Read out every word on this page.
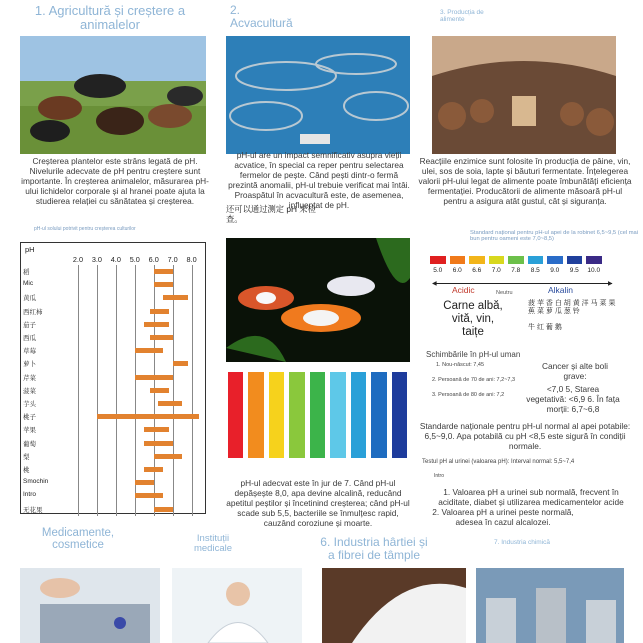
1. Agricultură și creștere a animalelor
2. Acvacultură
3. Producția de alimente
Creșterea plantelor este strâns legată de pH. Nivelurile adecvate de pH pentru creștere sunt importante. În creșterea animalelor, măsurarea pH-ului lichidelor corporale și al hranei poate ajuta la studierea relației cu sănătatea și creșterea.
pH-ul solului potrivit pentru creșterea culturilor
pH-ul are un impact semnificativ asupra vieții acvatice, în special ca reper pentru selectarea fermelor de pește. Când pești dintr-o fermă prezintă anomalii, pH-ul trebuie verificat mai întâi. Proaspătul în acvacultură este, de asemenea, influențat de pH.
还可以通过测定 pH 来检查。
Reacțiile enzimice sunt folosite în producția de pâine, vin, ulei, sos de soia, lapte și băuturi fermentate. Înțelegerea valorii pH-ului legat de alimente poate îmbunătăți eficiența fermentației. Producătorii de alimente măsoară pH-ul pentru a asigura atât gustul, cât și siguranța.
pH
2.0 3.0 4.0 5.0 6.0 7.0 8.0
稻
Mic
黄瓜
西红柿
茄子
西瓜
草莓
萝卜
芹菜
菠菜
芋头
桃子
苹果
葡萄
梨
桃
Smochin
Intro
无花果
pH-ul adecvat este în jur de 7. Când pH-ul depășește 8,0, apa devine alcalină, reducând apetitul peștilor și încetinind creșterea; când pH-ul scade sub 5,5, bacteriile se înmulțesc rapid, cauzând coroziune și moarte.
Standard național pentru pH-ul apei de la robinet 6,5~9,5 (cel mai bun pentru oameni este 7,0~8,5)
5.0 6.0 6.6 7.0 7.8 8.5 9.0 9.5 10.0
◀	▶
Acidic	Neutru	Alkalin
Carne albă, vită, vin, taițe
菠 苹 香 白 胡 黄 洋 马 菜 果 蕉 菜 萝 瓜 葱 铃
牛 红 葡 鹅
Schimbările în pH-ul uman
1. Nou-născut: 7,45
2. Persoană de 70 de ani: 7,2~7,3
3. Persoană de 80 de ani: 7,2
Cancer și alte boli grave:
<7,0 5, Starea vegetativă: <6,9 6. În fața morții: 6,7~6,8
Standarde naționale pentru pH-ul normal al apei potabile: 6,5~9,0. Apa potabilă cu pH <8,5 este sigură în condiții normale.
Testul pH al urinei (valoarea pH): Interval normal: 5,5~7,4
Intro
1. Valoarea pH a urinei sub normală, frecvent în aciditate, diabet și utilizarea medicamentelor acide
2. Valoarea pH a urinei peste normală, adesea în cazul alcalozei.
Medicamente, cosmetice
Instituții medicale	6. Industria hârtiei și a fibrei de tâmple
7. Industria chimică
